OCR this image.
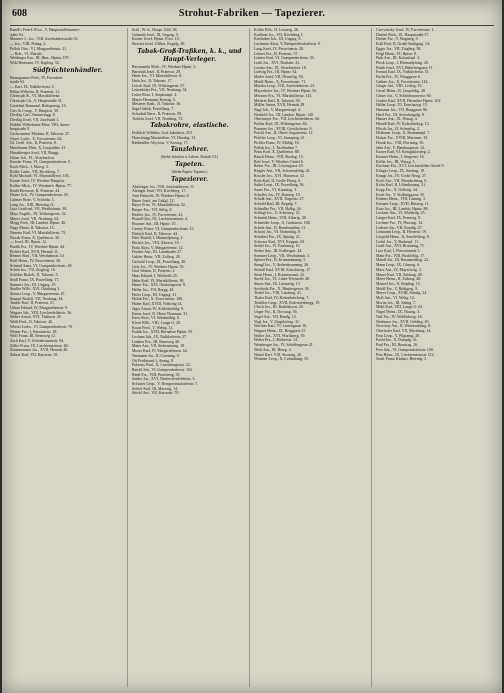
608	Strohut-Fabriken — Tapezierer.
Rundt's Peterk Wwe., V, Hauptstraßensamer-
stätte 64.
Mautner J., Jos., VIII, Josefstädterstraße 52.
— Jos., VIII, Prinzg. 2.
Pollak Otto., VI, Margarethenstr. 21.
— Rob., VI, Mariah.
Weidinger Kar., III, Hint., Hptstr. 197.
Wild Hermann, IV, Kaplerg. 52.
Südfrüchtenhändler.
Baumgartner Ferd., IV, Favoriten-
straße 92.
— Karl, IX, Nußdorferstr. 3.
Böhm Wilhelm, II, Praterstr. 11.
Christoph K., VI, Mariahilferstr.
Christoph Ch., V, Hauptstraße 31.
Cortelnal Raimund, Heiligenstg. 13.
Csiv & Comp., V, Hauptstr. 39.
Dreißig Carl, Simmeringg. 8.
Dreißig Josef, VII, Josefstadt 1.
Dubbel Wilhelmine Elise, VIII, Auers-
bergstraße 9.
Gschwantner Mathias, II, Taborstr. 27.
Geyer Ludw., X, Favoritenstr. 62.
Gl. Gräff. Joh., II, Praterstr. 8.
Haselmann Elise, X, Leopoldstr. 41.
Hundsberger Josef, VII, Burgg.
Julian Joh., IX, Alserbachstr.
Kessler Franz, VI, Gumpendorferstr. 5.
Koch Mich., I, Marcg. 3.
Kolbe Ludw., VII, Kirchberg. 7.
Kohl Michael, VI, Mariahilferstr. 103.
Kunze Josef, IV, Wiedner Hauptstr.
Kolber Mich., IV, Wiednerh. Hptstr. 77.
Krahl Eleonore, II, Praterstr. 44.
Hutter Sch., IV, Gumpendorferstr. 29.
Lahmer Rose, V, Schönbr. 5.
Lang Jos., XIII, Hietzing 21.
Lutz Gottfried, VII, Westbahnstr. 39.
Mayr Engelb., IX, Währingerstr. 32.
Mayer Josef, VII, Neubaug. 62.
Mogg Ferd., III, Landstr. Hptstr. 46.
Nagy Maria, II, Taborstr. 15.
Nemetz Karl, VI, Mariahilferstr. 75.
Novak Franz, X, Quellenstr. 30.
— Josef, III, Hptstr. 12.
Paulik Frz., IV, Wiedner Hptstr. 44.
Pichler Karl, XVII, Hernals 11.
Reimer Rud., VII, Westbahnstr. 14.
Reiß Heinr., IV, Favoritenstr. 30.
Schmid Anna, VI, Gumpendorferstr. 48.
Schön Jos., VII, Zieglerg. 16.
Schöber Rudolf, II, Taborstr. 5.
Seidl Franz, IX, Porzellang. 17.
Sommer Jos., III, Ungarg. 19.
Stadler Wilh., XVI, Ottakring 3.
Steiner Leop., V, Margaretenstr. 47.
Stumpf Rudolf, VII, Neubaug. 44.
Tauber Karl, II, Praterstr. 21.
Urban Eduard, IV, Margarethenstr. 9.
Wagner Joh., VIII, Lerchenfelderstr. 36.
Weber Anton, XVI, Thaliastr. 20.
Weiß Ferd., II, Taborstr. 26.
Wieser Ludw., VI, Gumpendorferstr. 70.
Winter Frz., I, Kärntnerstr. 18.
Wolf Franz, III, Rennweg 12.
Zach Karl, V, Schönbrunnerstr. 94.
Zeller Franz, IX, Liechtensteinstr. 60.
Zimmermann Jos., XVII, Hernals 40.
Zöhrer Karl, VII, Kaiserstr. 35.
Schl., W.-d., Haupt. Gliß, 38.
Gulmath Josef, III, Ungarg. 5.
Kronn. Josef, Hptstr. Frsw. 10.
Stewart Josef, Gffhes, Kegelg. 49.
Tabak-Groß-Trafiken, k. k., und Haupt-Verleger.
Bertonniela Mich., IV, Wiedner Hptstr. 2.
Barnrath Josef, II, Praterstr. 29.
Hafer Jos., VI, Mariahilferstr. 8.
Hula Jos., II, Taborstr. 17.
Leisch Karl, IX, Währingerstr. 57.
Leitenhöfer Frz., VII, Neubaug. 34.
Leiter Rosa, I, Stephanspl. 4.
Mayer Hermann, Kreuzg. 5.
Mesterer Kath., II, Taborstr. 36.
Sagel Jakob, Porzellang. 7.
Schaubal Bern., II, Praterstr. 58.
Tschida Josef, VII, Neubaug. 73.
Tabakrohre, elastische.
Fröhlich Wilhelm, Gsd. Jakobsstr. 213.
Hutschnigg Maximilian, VI, Hirschg. 13.
Riedmüller Aloysius, V, Kreuzg. 17.
Tanzlehrer.
(Siehe Schulen u. Lehrer, Rubrik VI.)
Tapeten.
(Siehe Papier-Tapeten.)
Tapezierer.
Abeltinger Jos., VIII, Josefstädterstr. 11.
Alzinger Josef, VII, Kirchberg. 17.
Amt Heinrich, IV, Wiedner Hptstr. 6.
Bauer Josef, am Gußgl. 12.
Bayer Fritz, VI, Mariahilferstr. 32.
Berger Frz., VII, Stiftg. 8.
Bichler Jos., IV, Favoritenstr. 41.
Brandl Otto, IX, Liechtensteinstr. 4.
Brunner Ant., III, Hptstr. 10.
Czerny Franz, VI, Gumpendorferstr. 15.
Dittrich Karl, II, Taborstr. 44.
Eder Rudolf, I, Himmelpfortg. 1.
Ehrlich Jos., VIII, Alserstr. 19.
Fiala Alois, V, Margaretenstr. 12.
Fischer Ant., III, Landstraße 27.
Gabler Heinr., VII, Zollerg. 28.
Gerhold Leop., IX, Porzellang. 40.
Götz Jos., IV, Wiedner Hptstr. 53.
Graf Johann, II, Praterstr. 2.
Haas Eduard, I, Wollzeile 25.
Hahn Karl, VI, Mariahilferstr. 90.
Hauer Frz., XVI, Ottakringerstr. 8.
Heller Jos., VII, Burgg. 44.
Hofer Leop., III, Ungarg. 31.
Holub Frz., X, Favoritenstr. 106.
Huber Karl, XVIII, Währing 14.
Jäger Anton, IV, Schleifmühlg. 9.
Kainz Josef, II, Obere Donaustr. 31.
Kern Alois, VI, Windmühlg. 6.
Klein Wilh., VIII, Lange G. 20.
Kraus Ferd., V, Wehrg. 11.
Kubik Jos., XVII, Hernalser Hptstr. 55.
Lechner Joh., IX, Nußdorferstr. 27.
Lindner Frz., III, Rennweg 40.
Maier Ant., VII, Siebensterng. 18.
Moser Karl, IV, Margarethenstr. 64.
Neumann Jos., II, Czerning. 9.
Ott Ferdinand, I, Annag. 8.
Pokorny Rud., X, Laxenburgerstr. 22.
Reichl Joh., VI, Gumpendorferstr. 104.
Riedl Frz., VIII, Piaristeng. 35.
Sattler Jos., XVI, Neulerchenfelderstr. 3.
Schuster Leop., V, Reinprechtsdorferstr. 7.
Seifert Karl, III, Marxerg. 14.
Stöckl Ant., VII, Kaiserstr. 70.
Koller Hch., II, Lessterg. 26.
Kraßnitz Jos., VII, Kirchberg 1.
Kriehuber Joh., III, Ungarg. 8.
Lachmair Alois, V, Reinprechtsdorferstr. 9.
Lang Josef, IV, Favoritenstr. 20.
Lehner Frz., II, Praterstr. 37.
Leitner Karl, VI, Gumpendorferstr. 33.
Liebl Jos., XVI, Thaliastr. 41.
Lorenz Ant., IX, Alserbachstr. 18.
Ludwig Frz., III, Hptstr. 62.
Mader Josef, VII, Neustiftg. 50.
Markl Heinr., X, Favoritenstr. 71.
Matzka Leop., VIII, Josefstädterstr. 23.
Mayerhofer Jos., IV, Wiedner Hptstr. 92.
Meixner Frz., VI, Mariahilferstr. 141.
Mitterer Karl, II, Taborstr. 50.
Müller Anton, XVII, Hernals 28.
Nagl Joh., V, Margaretenpl. 4.
Neuhold Jos., III, Landstr. Hptstr. 120.
Obermayer Frz., VII, Lerchenfelderstr. 66.
Pacher Karl, IX, Währingerstr. 84.
Pammer Jos., XVIII, Gersthoferstr. 9.
Peschl Ant., II, Obere Augartenstr. 12.
Pfeiffer Leop., VI, Stumperg. 21.
Pichler Franz, IV, Mühlg. 16.
Pollak Jos., I, Tuchlauben 7.
Prinz Karl, X, Quellenstr. 88.
Rauch Heinr., VIII, Skodag. 13.
Reif Josef, V, Wiedner Gürtel 6.
Reiter Frz., III, Löwengasse 29.
Riegler Ant., VII, Schottenfeldg. 41.
Rössler Jos., XVI, Hasnerstr. 52.
Roth Karl, II, Große Pfarrg. 6.
Sailer Leop., IX, Porzellang. 56.
Sauer Frz., VI, Kaunitzg. 3.
Schaffer Jos., IV, Rainerg. 19.
Schalk Ant., XVII, Jörgerstr. 27.
Scheibl Karl, III, Kegelg. 7.
Schindler Frz., VII, Halbg. 24.
Schlögl Jos., V, Arbeiterg. 15.
Schmidt Heinr., VIII, Albertg. 38.
Schneider Leop., X, Gudrunstr. 100.
Scholz Ant., II, Rembrandtstr. 11.
Schrott Jos., VI, Hofmühlg. 8.
Schubert Frz., IX, Spitalg. 21.
Schwarz Karl, XVI, Koppstr. 63.
Seidel Jos., IV, Paulanerg. 10.
Sieber Ant., III, Erdbergstr. 44.
Sommer Leop., VII, Westbahnstr. 3.
Spitzer Frz., II, Krummbaumg. 5.
Stangl Jos., V, Siebenbrunneng. 26.
Steindl Karl, XVIII, Kutschkerg. 17.
Stern Heinr., I, Rotenturmstr. 22.
Strobl Jos., VI, Linke Wienzeile 48.
Sturm Ant., IX, Lazarettg. 13.
Swoboda Frz., X, Himbergerstr. 30.
Teufel Jos., VIII, Laudong. 41.
Thaler Karl, IV, Kettenbrückeng. 7.
Trenkler Leop., XVII, Kalvarienbergg. 19.
Ulrich Jos., III, Radetzkystr. 25.
Unger Frz., II, Novarag. 36.
Vogel Ant., VII, Bandg. 12.
Vogl Jos., V, Ziegelofeng. 31.
Wachter Karl, VI, Liniengasse 16.
Wagner Heinr., IX, Berggasse 27.
Walter Jos., XVI, Wurlitzerg. 39.
Weber Frz., I, Bäckerstr. 14.
Weinberger Jos., IV, Schäffergasse 21.
Weiß Ant., III, Hetzg. 4.
Wenzl Karl, VIII, Strozzig. 26.
Wimmer Leop., X, Columbusg. 55.
Czerwinsky Josef, IV, Favoritenstr. 1.
Daubel Rich., IX, Hauptstraße 37.
Deiner Frz., V, Wagnerg. 9.
Eckl Karl, II, Große Stadtgutg. 14.
Egger Jos., VII, Zieglerg. 58.
Feigl Heinr., VI, Hptstr. 8.
Fink Ant., III, Kolonitzpl. 3.
Fleck Leop., I, Himmelpfortg. 20.
Frank Josef, XVI, Habichergasse 11.
Freund Karl, IX, Nußdorferstr. 51.
Fuchs Frz., IV, Waaggasse 6.
Gaßner Jos., X, Favoritenstr. 142.
Geiger Ant., VIII, Lederg. 19.
Gerstl Heinr., II, Leopoldsg. 28.
Glaser Jos., V, Schönbrunnerstr. 60.
Gruber Karl, XVII, Hernalser Hptstr. 102.
Haller Leop., VI, Esterhazyg. 15.
Hammer Jos., VII, Burggasse 96.
Hartl Frz., III, Sechskrügelg. 8.
Hauser Ant., IX, Wasag. 4.
Heindl Karl, IV, Kolschitzkyg. 13.
Hirsch Jos., II, Schmelzg. 2.
Hofbauer Leop., X, Reumannpl. 7.
Holzer Frz., XVIII, Martinstr. 33.
Horak Jos., VIII, Florianig. 50.
Jahn Ant., V, Hamburgerstr. 12.
Kaiser Karl, VI, Königsklosterg. 2.
Kastner Heinr., I, Singerstr. 16.
Keller Jos., III, Weyrg. 5.
Kirchner Frz., XVI, Lerchenfelder Gürtel 9.
Klinger Leop., IX, Säuleng. 18.
Knapp Jos., IV, Große Neug. 27.
Koch Ant., VII, Mondscheing. 6.
Kohn Karl, II, Lilienbrunng. 21.
Kopp Frz., X, Gellertg. 44.
Kraft Jos., V, Stolberggasse 30.
Krämer Heinr., VIII, Lammg. 3.
Kreuzer Leop., XVII, Rötzerg. 11.
Kurz Jos., III, Landstr. Hptstr. 88.
Lackner Ant., VI, Mollardg. 25.
Langer Karl, IX, Pramerg. 9.
Lechner Frz., IV, Phorusg. 14.
Lederer Jos., VII, Kandlg. 37.
Lehmann Leop., II, Heinestr. 19.
Leopold Heinr., X, Senefelderg. 8.
Lichtl Jos., V, Bacherpl. 11.
Lindl Ant., XVI, Brunneng. 71.
Lutz Karl, I, Fleischmarkt 5.
Mahr Frz., VIII, Buchfeldg. 17.
Mandl Jos., III, Rasumofskyg. 22.
Mann Leop., IX, Glaserg. 6.
Marx Ant., IV, Mayerhofg. 3.
Mauer Karl, VII, Seideng. 28.
Meier Heinr., II, Zirkusg. 40.
Menzel Jos., X, Keplerg. 15.
Merkl Frz., V, Rüdigerg. 9.
Meyer Leop., XVIII, Schulg. 24.
Moll Ant., VI, Webg. 12.
Moritz Jos., III, Salmg. 7.
Mühl Karl, VIII, Lange G. 62.
Nagel Heinr., IX, Thurng. 3.
Naß Frz., IV, Wohllebeng. 16.
Neubauer Jos., XVII, Geblerg. 29.
Nowotny Ant., II, Weintraubeng. 8.
Oberhofer Karl, VII, Myrtheng. 14.
Paar Leop., V, Pilgramg. 20.
Pachl Jos., X, Dampfg. 31.
Paul Frz., III, Beatrixg. 26.
Peer Ant., VI, Gumpendorferstr. 150.
Petz Heinr., IX, Liechtensteinstr. 112.
Stadt, Franz Kinhart, Herreng. 5.
